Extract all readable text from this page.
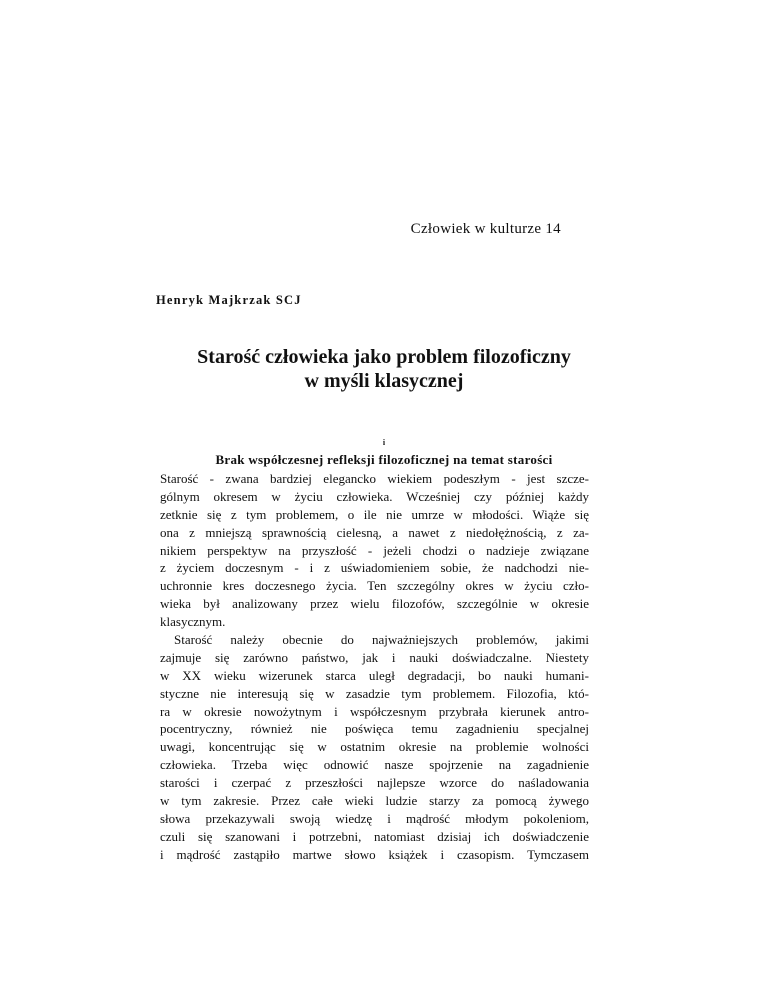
Człowiek w kulturze 14
Henryk Majkrzak SCJ
Starość człowieka jako problem filozoficzny
w myśli klasycznej
i
Brak współczesnej refleksji filozoficznej na temat starości
Starość - zwana bardziej elegancko wiekiem podeszłym - jest szcze-
gólnym okresem w życiu człowieka. Wcześniej czy później każdy
zetknie się z tym problemem, o ile nie umrze w młodości. Wiąże się
ona z mniejszą sprawnością cielesną, a nawet z niedołężnością, z za-
nikiem perspektyw na przyszłość - jeżeli chodzi o nadzieje związane
z życiem doczesnym - i z uświadomieniem sobie, że nadchodzi nie-
uchronnie kres doczesnego życia. Ten szczególny okres w życiu czło-
wieka był analizowany przez wielu filozofów, szczególnie w okresie
klasycznym.
Starość należy obecnie do najważniejszych problemów, jakimi
zajmuje się zarówno państwo, jak i nauki doświadczalne. Niestety
w XX wieku wizerunek starca uległ degradacji, bo nauki humani-
styczne nie interesują się w zasadzie tym problemem. Filozofia, któ-
ra w okresie nowożytnym i współczesnym przybrała kierunek antro-
pocentryczny, również nie poświęca temu zagadnieniu specjalnej
uwagi, koncentrując się w ostatnim okresie na problemie wolności
człowieka. Trzeba więc odnowić nasze spojrzenie na zagadnienie
starości i czerpać z przeszłości najlepsze wzorce do naśladowania
w tym zakresie. Przez całe wieki ludzie starzy za pomocą żywego
słowa przekazywali swoją wiedzę i mądrość młodym pokoleniom,
czuli się szanowani i potrzebni, natomiast dzisiaj ich doświadczenie
i mądrość zastąpiło martwe słowo książek i czasopism. Tymczasem
